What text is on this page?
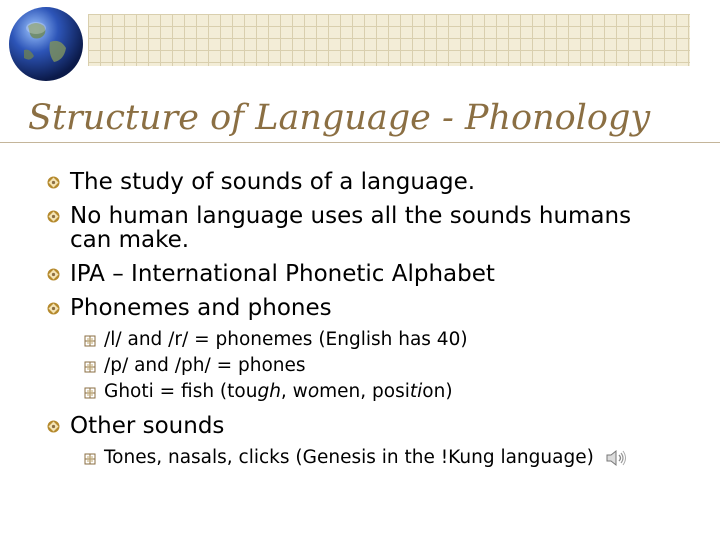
Structure of Language - Phonology
The study of sounds of a language.
No human language uses all the sounds humans
can make.
IPA – International Phonetic Alphabet
Phonemes and phones
/l/ and /r/ = phonemes (English has 40)
/p/ and /ph/ = phones
Ghoti = fish (tough, women, position)
Other sounds
Tones, nasals, clicks (Genesis in the !Kung language)
